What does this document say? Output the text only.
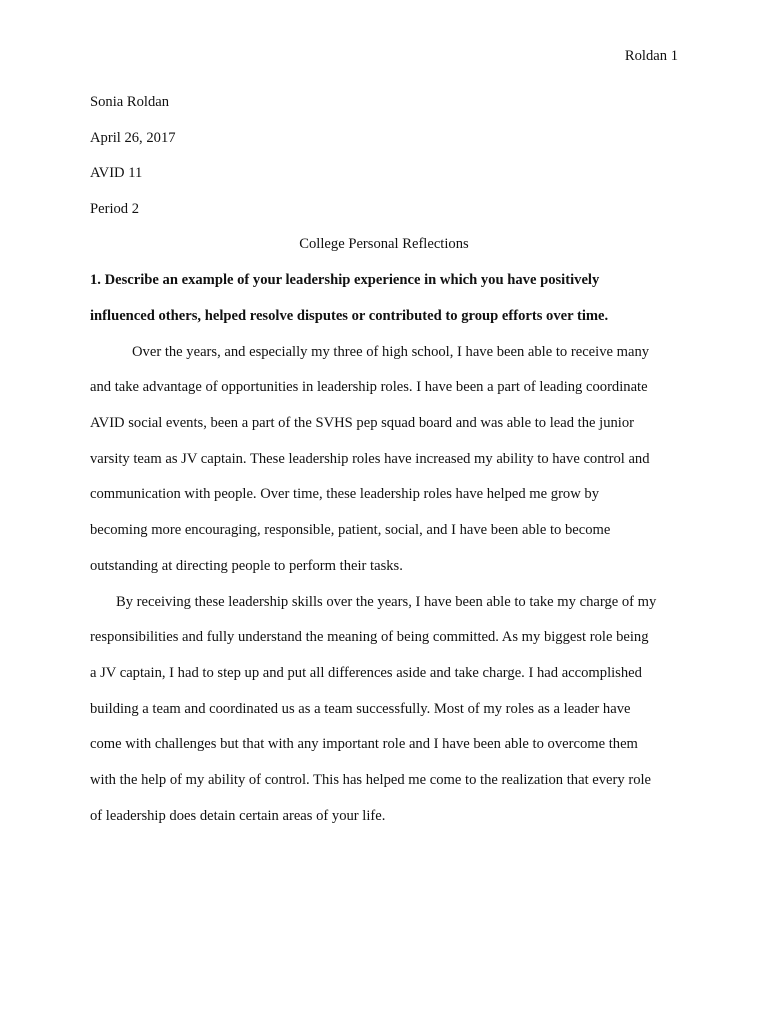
Roldan 1
Sonia Roldan
April 26, 2017
AVID 11
Period 2
College Personal Reflections
1. Describe an example of your leadership experience in which you have positively
influenced others, helped resolve disputes or contributed to group efforts over time.
Over the years, and especially my three of high school, I have been able to receive many
and take advantage of opportunities in leadership roles. I have been a part of leading coordinate
AVID social events, been a part of the SVHS pep squad board and was able to lead the junior
varsity team as JV captain. These leadership roles have increased my ability to have control and
communication with people. Over time, these leadership roles have helped me grow by
becoming more encouraging, responsible, patient, social, and I have been able to become
outstanding at directing people to perform their tasks.
By receiving these leadership skills over the years, I have been able to take my charge of my
responsibilities and fully understand the meaning of being committed. As my biggest role being
a JV captain, I had to step up and put all differences aside and take charge. I had accomplished
building a team and coordinated us as a team successfully. Most of my roles as a leader have
come with challenges but that with any important role and I have been able to overcome them
with the help of my ability of control. This has helped me come to the realization that every role
of leadership does detain certain areas of your life.
